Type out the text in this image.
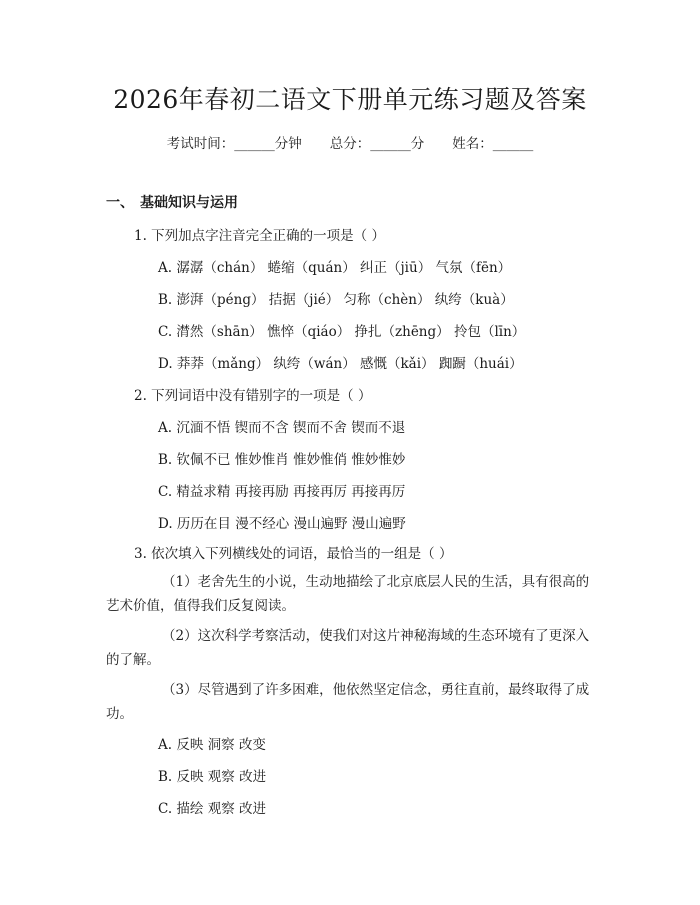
2026年春初二语文下册单元练习题及答案
考试时间：______分钟 总分：______分 姓名：______
一、 基础知识与运用
1. 下列加点字注音完全正确的一项是（ ）
A. 潺潺（chán） 蜷缩（quán） 纠正（jiū） 气氛（fēn）
B. 澎湃（péng） 拮据（jié） 匀称（chèn） 纨绔（kuà）
C. 潸然（shān） 憔悴（qiáo） 挣扎（zhēng） 拎包（līn）
D. 莽莽（mǎng） 纨绔（wán） 感慨（kǎi） 踟蹰（huái）
2. 下列词语中没有错别字的一项是（ ）
A. 沉湎不悟 锲而不含 锲而不舍 锲而不退
B. 钦佩不已 惟妙惟肖 惟妙惟俏 惟妙惟妙
C. 精益求精 再接再励 再接再厉 再接再厉
D. 历历在目 漫不经心 漫山遍野 漫山遍野
3. 依次填入下列横线处的词语，最恰当的一组是（ ）
（1）老舍先生的小说，生动地描绘了北京底层人民的生活，具有很高的艺术价值，值得我们反复阅读。
（2）这次科学考察活动，使我们对这片神秘海域的生态环境有了更深入的了解。
（3）尽管遇到了许多困难，他依然坚定信念，勇往直前，最终取得了成功。
A. 反映 洞察 改变
B. 反映 观察 改进
C. 描绘 观察 改进
